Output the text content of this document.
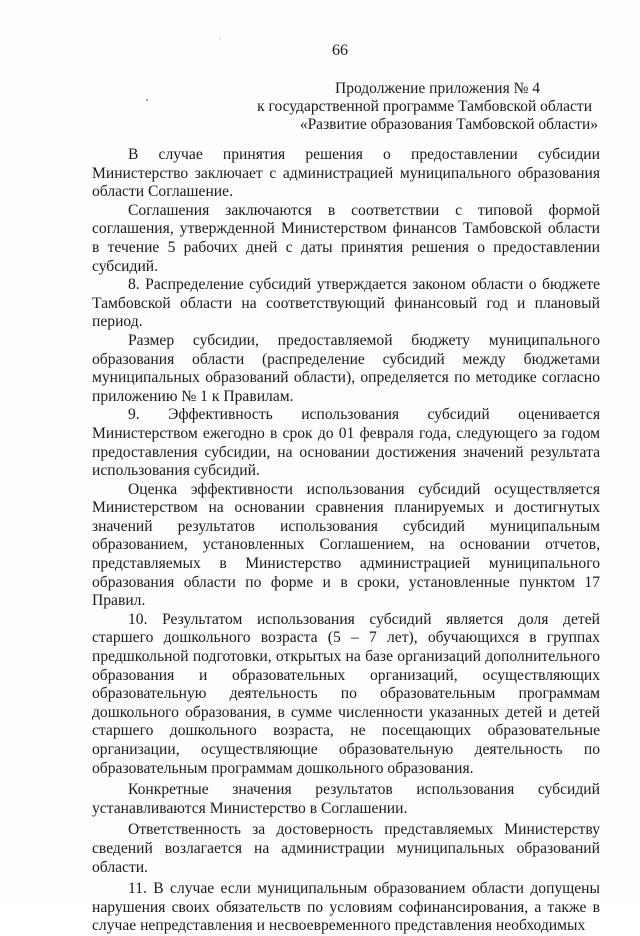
66
Продолжение приложения № 4
к государственной программе Тамбовской области
«Развитие образования Тамбовской области»

В случае принятия решения о предоставлении субсидии Министерство заключает с администрацией муниципального образования области Соглашение.

Соглашения заключаются в соответствии с типовой формой соглашения, утвержденной Министерством финансов Тамбовской области в течение 5 рабочих дней с даты принятия решения о предоставлении субсидий.

8. Распределение субсидий утверждается законом области о бюджете Тамбовской области на соответствующий финансовый год и плановый период.

Размер субсидии, предоставляемой бюджету муниципального образования области (распределение субсидий между бюджетами муниципальных образований области), определяется по методике согласно приложению № 1 к Правилам.

9. Эффективность использования субсидий оценивается Министерством ежегодно в срок до 01 февраля года, следующего за годом предоставления субсидии, на основании достижения значений результата использования субсидий.

Оценка эффективности использования субсидий осуществляется Министерством на основании сравнения планируемых и достигнутых значений результатов использования субсидий муниципальным образованием, установленных Соглашением, на основании отчетов, представляемых в Министерство администрацией муниципального образования области по форме и в сроки, установленные пунктом 17 Правил.

10. Результатом использования субсидий является доля детей старшего дошкольного возраста (5 – 7 лет), обучающихся в группах предшкольной подготовки, открытых на базе организаций дополнительного образования и образовательных организаций, осуществляющих образовательную деятельность по образовательным программам дошкольного образования, в сумме численности указанных детей и детей старшего дошкольного возраста, не посещающих образовательные организации, осуществляющие образовательную деятельность по образовательным программам дошкольного образования.

Конкретные значения результатов использования субсидий устанавливаются Министерство в Соглашении.

Ответственность за достоверность представляемых Министерству сведений возлагается на администрации муниципальных образований области.

11. В случае если муниципальным образованием области допущены нарушения своих обязательств по условиям софинансирования, а также в случае непредставления и несвоевременного представления необходимых
